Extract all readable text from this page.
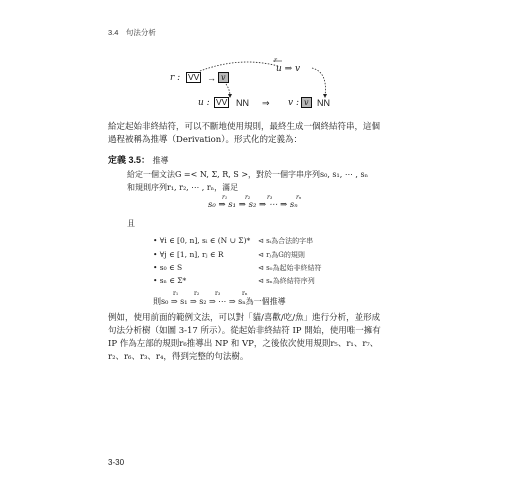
3.4　句法分析
r : VV → v
r
u ⇒ v
u : VV NN ⇒ v : v NN
給定起始非終結符，可以不斷地使用規則，最終生成一個終結符串，這個
過程被稱為推導（Derivation）。形式化的定義為：
定義 3.5： 推導
給定一個文法G =< N, Σ, R, S >，對於一個字串序列s₀, s₁, ⋯ , sₙ
和規則序列r₁, r₂, ⋯ , rₙ，滿足
r₁	r₂	r₃	rₙ
s₀ ⇒ s₁ ⇒ s₂ ⇒ ⋯ ⇒ sₙ
且
• ∀i ∈ [0, n], sᵢ ∈ (N ∪ Σ)* ⊲ sᵢ為合法的字串
• ∀j ∈ [1, n], rⱼ ∈ R	⊲ rⱼ為G的規則
• s₀ ∈ S	⊲ s₀為起始非終結符
• sₙ ∈ Σ*	⊲ sₙ為終結符序列
r₁	r₂	r₃	rₙ
則s₀ ⇒ s₁ ⇒ s₂ ⇒ ⋯ ⇒ sₙ為一個推導
例如，使用前面的範例文法，可以對「貓/喜歡/吃/魚」進行分析，並形成
句法分析樹（如圖 3-17 所示）。從起始非終結符 IP 開始，使用唯一擁有
IP 作為左部的規則r₆推導出 NP 和 VP，之後依次使用規則r₅、r₁、r₇、
r₂、r₆、r₃、r₄，得到完整的句法樹。
3-30
